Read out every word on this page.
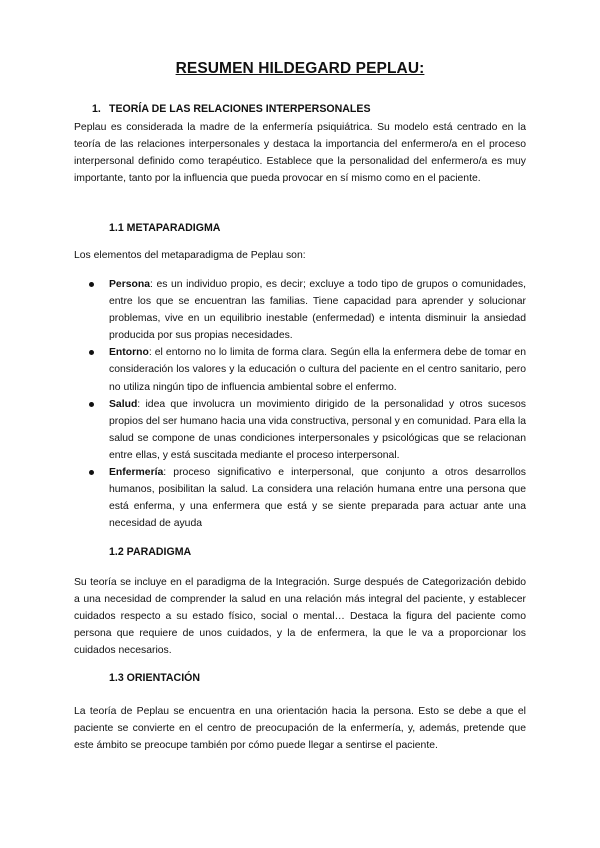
RESUMEN HILDEGARD PEPLAU:
1. TEORÍA DE LAS RELACIONES INTERPERSONALES
Peplau es considerada la madre de la enfermería psiquiátrica. Su modelo está centrado en la teoría de las relaciones interpersonales y destaca la importancia del enfermero/a en el proceso interpersonal definido como terapéutico. Establece que la personalidad del enfermero/a es muy importante, tanto por la influencia que pueda provocar en sí mismo como en el paciente.
1.1 METAPARADIGMA
Los elementos del metaparadigma de Peplau son:
Persona: es un individuo propio, es decir; excluye a todo tipo de grupos o comunidades, entre los que se encuentran las familias. Tiene capacidad para aprender y solucionar problemas, vive en un equilibrio inestable (enfermedad) e intenta disminuir la ansiedad producida por sus propias necesidades.
Entorno: el entorno no lo limita de forma clara. Según ella la enfermera debe de tomar en consideración los valores y la educación o cultura del paciente en el centro sanitario, pero no utiliza ningún tipo de influencia ambiental sobre el enfermo.
Salud: idea que involucra un movimiento dirigido de la personalidad y otros sucesos propios del ser humano hacia una vida constructiva, personal y en comunidad. Para ella la salud se compone de unas condiciones interpersonales y psicológicas que se relacionan entre ellas, y está suscitada mediante el proceso interpersonal.
Enfermería: proceso significativo e interpersonal, que conjunto a otros desarrollos humanos, posibilitan la salud. La considera una relación humana entre una persona que está enferma, y una enfermera que está y se siente preparada para actuar ante una necesidad de ayuda
1.2 PARADIGMA
Su teoría se incluye en el paradigma de la Integración. Surge después de Categorización debido a una necesidad de comprender la salud en una relación más integral del paciente, y establecer cuidados respecto a su estado físico, social o mental… Destaca la figura del paciente como persona que requiere de unos cuidados, y la de enfermera, la que le va a proporcionar los cuidados necesarios.
1.3 ORIENTACIÓN
La teoría de Peplau se encuentra en una orientación hacia la persona. Esto se debe a que el paciente se convierte en el centro de preocupación de la enfermería, y, además, pretende que este ámbito se preocupe también por cómo puede llegar a sentirse el paciente.
